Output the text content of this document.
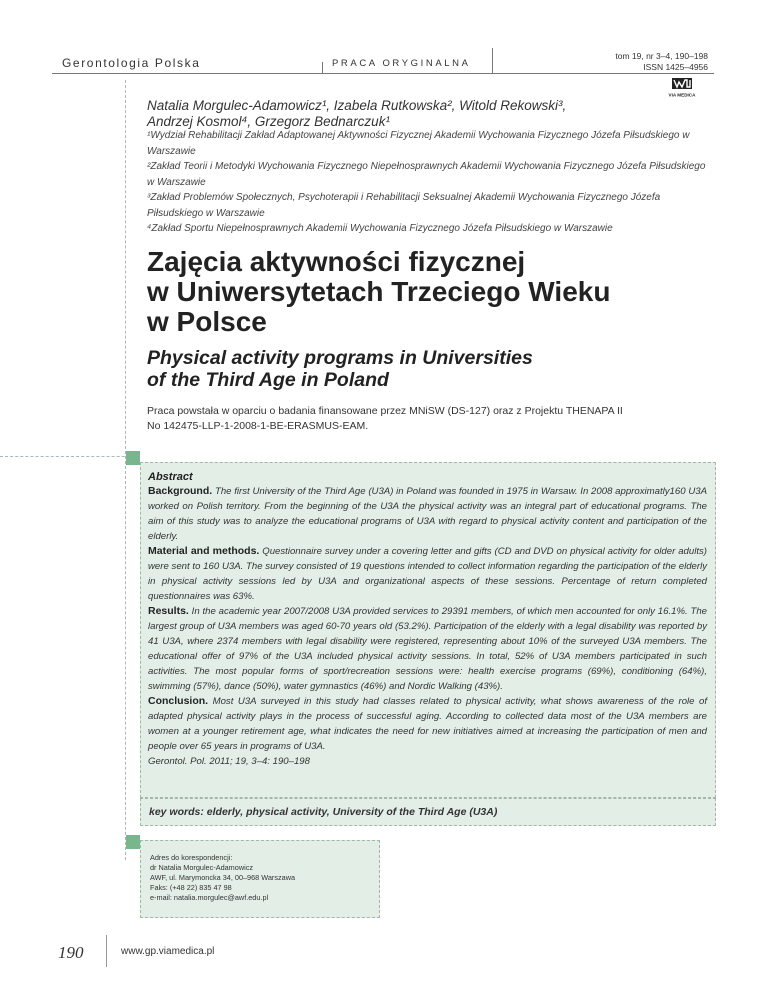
Gerontologia Polska	PRACA ORYGINALNA
tom 19, nr 3–4, 190–198
ISSN 1425–4956
VIA MEDICA
Natalia Morgulec-Adamowicz¹, Izabela Rutkowska², Witold Rekowski³,
Andrzej Kosmol⁴, Grzegorz Bednarczuk¹

¹Wydział Rehabilitacji Zakład Adaptowanej Aktywności Fizycznej Akademii Wychowania Fizycznego Józefa Piłsudskiego w Warszawie

²Zakład Teorii i Metodyki Wychowania Fizycznego Niepełnosprawnych Akademii Wychowania Fizycznego Józefa Piłsudskiego w Warszawie

³Zakład Problemów Społecznych, Psychoterapii i Rehabilitacji Seksualnej Akademii Wychowania Fizycznego Józefa Piłsudskiego w Warszawie

⁴Zakład Sportu Niepełnosprawnych Akademii Wychowania Fizycznego Józefa Piłsudskiego w Warszawie

Zajęcia aktywności fizycznej
w Uniwersytetach Trzeciego Wieku
w Polsce
Physical activity programs in Universities
of the Third Age in Poland
Praca powstała w oparciu o badania finansowane przez MNiSW (DS-127) oraz z Projektu THENAPA II
No 142475-LLP-1-2008-1-BE-ERASMUS-EAM.
Abstract

Background. The first University of the Third Age (U3A) in Poland was founded in 1975 in Warsaw. In 2008 approximatly160 U3A worked on Polish territory. From the beginning of the U3A the physical activity was an integral part of educational programs. The aim of this study was to analyze the educational programs of U3A with regard to physical activity content and participation of the elderly.

Material and methods. Questionnaire survey under a covering letter and gifts (CD and DVD on physical activity for older adults) were sent to 160 U3A. The survey consisted of 19 questions intended to collect information regarding the participation of the elderly in physical activity sessions led by U3A and organizational aspects of these sessions. Percentage of return completed questionnaires was 63%.

Results. In the academic year 2007/2008 U3A provided services to 29391 members, of which men accounted for only 16.1%. The largest group of U3A members was aged 60-70 years old (53.2%). Participation of the elderly with a legal disability was reported by 41 U3A, where 2374 members with legal disability were registered, representing about 10% of the surveyed U3A members. The educational offer of 97% of the U3A included physical activity sessions. In total, 52% of U3A members participated in such activities. The most popular forms of sport/recreation sessions were: health exercise programs (69%), conditioning (64%), swimming (57%), dance (50%), water gymnastics (46%) and Nordic Walking (43%).

Conclusion. Most U3A surveyed in this study had classes related to physical activity, what shows awareness of the role of adapted physical activity plays in the process of successful aging. According to collected data most of the U3A members are women at a younger retirement age, what indicates the need for new initiatives aimed at increasing the participation of men and people over 65 years in programs of U3A.

Gerontol. Pol. 2011; 19, 3–4: 190–198

key words: elderly, physical activity, University of the Third Age (U3A)
Adres do korespondencji:
dr Natalia Morgulec-Adamowicz
AWF, ul. Marymoncka 34, 00–968 Warszawa
Faks: (+48 22) 835 47 98
e-mail: natalia.morgulec@awf.edu.pl
190	www.gp.viamedica.pl
